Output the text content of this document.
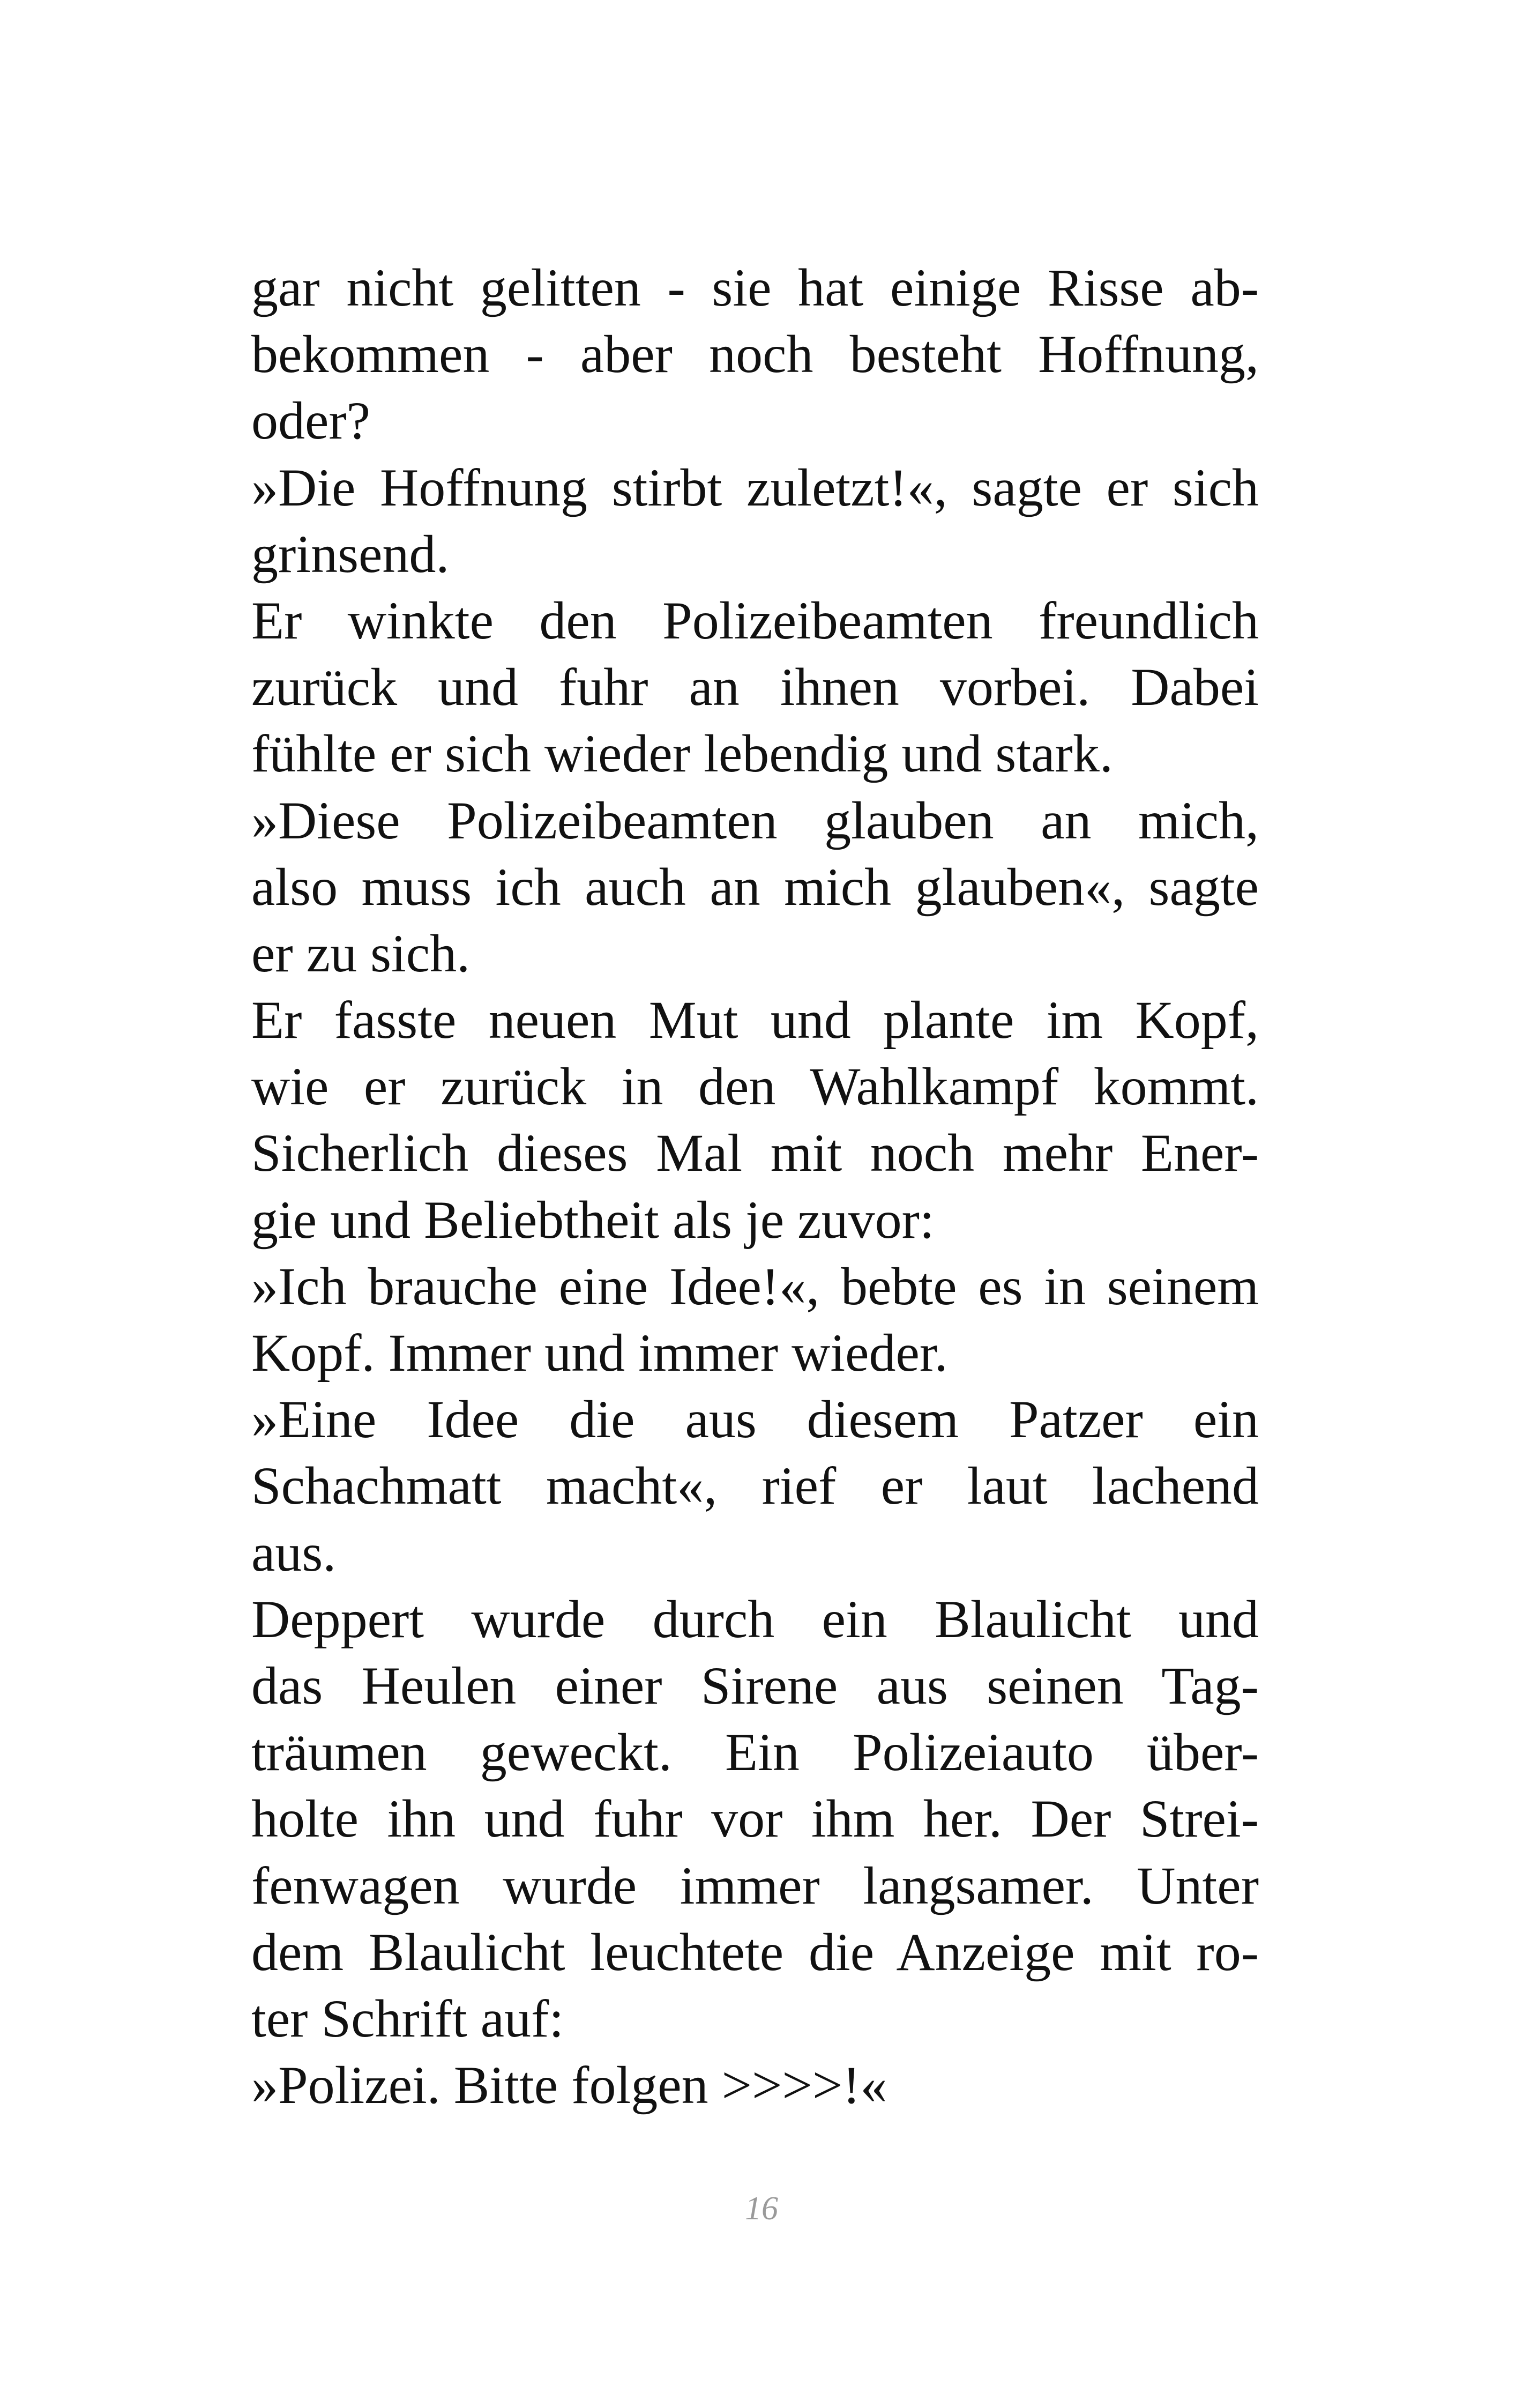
gar nicht gelitten - sie hat einige Risse ab-
bekommen - aber noch besteht Hoffnung,
oder?
»Die Hoffnung stirbt zuletzt!«, sagte er sich
grinsend.
Er winkte den Polizeibeamten freundlich
zurück und fuhr an ihnen vorbei. Dabei
fühlte er sich wieder lebendig und stark.
»Diese Polizeibeamten glauben an mich,
also muss ich auch an mich glauben«, sagte
er zu sich.
Er fasste neuen Mut und plante im Kopf,
wie er zurück in den Wahlkampf kommt.
Sicherlich dieses Mal mit noch mehr Ener-
gie und Beliebtheit als je zuvor:
»Ich brauche eine Idee!«, bebte es in seinem
Kopf. Immer und immer wieder.
»Eine Idee die aus diesem Patzer ein
Schachmatt macht«, rief er laut lachend
aus.
Deppert wurde durch ein Blaulicht und
das Heulen einer Sirene aus seinen Tag-
träumen geweckt. Ein Polizeiauto über-
holte ihn und fuhr vor ihm her. Der Strei-
fenwagen wurde immer langsamer. Unter
dem Blaulicht leuchtete die Anzeige mit ro-
ter Schrift auf:
»Polizei. Bitte folgen >>>>!«
16
